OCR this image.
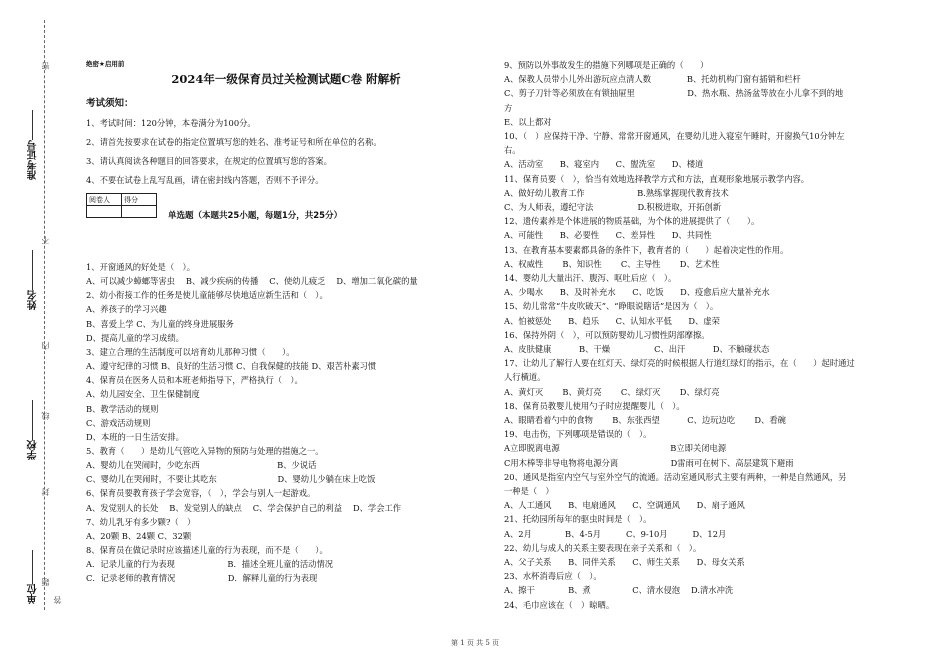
密
不
内
线
封
题
答
准考证号
姓名
学校
单位
绝密★启用前
2024年一级保育员过关检测试题C卷 附解析
考试须知：
1、考试时间：120分钟，本卷满分为100分。
2、请首先按要求在试卷的指定位置填写您的姓名、准考证号和所在单位的名称。
3、请认真阅读各种题目的回答要求，在规定的位置填写您的答案。
4、不要在试卷上乱写乱画，请在密封线内答题，否则不予评分。
阅卷人	得分

单选题（本题共25小题，每题1分，共25分）
1、开窗通风的好处是（　）。
A、可以减少蟑螂等害虫　 B、减少疾病的传播　 C、使幼儿疲乏　 D、增加二氧化碳的量
2、幼小衔接工作的任务是使儿童能够尽快地适应新生活和（　）。
A、养孩子的学习兴趣
B、喜爱上学 C、为儿童的终身进展服务
D、提高儿童的学习成绩。
3、建立合理的生活制度可以培育幼儿那种习惯（　　）。
A、遵守纪律的习惯 B、良好的生活习惯 C、自我保健的技能 D、艰苦朴素习惯
4、保育员在医务人员和本班老师指导下，严格执行（　）。
A、幼儿园安全、卫生保健制度
B、教学活动的规则
C、游戏活动规则
D、本班的一日生活安排。
5、教育（　　）是幼儿气管吃入异物的预防与处理的措施之一。
A、婴幼儿在哭闹时，少吃东西　　　　　　　　　 B、少说话
C、婴幼儿在哭闹时，不要让其吃东　　　　　　　 D、婴幼儿少躺在床上吃饭
6、保育员要教育孩子学会宽容，（　），学会与别人一起游戏。
A、发觉别人的长处　 B、发觉别人的缺点　 C、学会保护自己的利益　 D、学会工作
7、幼儿乳牙有多少颗?（　）
A、20颗 B、24颗 C、32颗
8、保育员在做记录时应该描述儿童的行为表现，而不是（　　）。
A．记录儿童的行为表现　　　　　　 B．描述全班儿童的活动情况
C．记录老师的教育情况　　　　　　 D．解释儿童的行为表现
9、预防以外事故发生的措施下列哪项是正确的（　　）
A、保教人员带小儿外出游玩应点清人数　　　　 B、托幼机构门窗有插销和栏杆
C、剪子刀针等必须放在有锁抽屉里　　　　　　 D、热水瓶、热汤盆等放在小儿拿不到的地
方
E、以上都对
10、（　）应保持干净、宁静、常常开窗通风，在婴幼儿进入寝室午睡时，开窗换气10分钟左
右。
A、活动室　　B、寝室内　　C、盥洗室　　D、楼道
11、保育员要（　），恰当有效地选择教学方式和方法，直观形象地展示教学内容。
A、做好幼儿教育工作　　　　　　 B.熟练掌握现代教育技术
C、为人师表，遵纪守法　　　　　 D.积极进取，开拓创新
12、遗传素养是个体进展的物质基础，为个体的进展提供了（　　）。
A、可能性　　B、必要性　　C、差异性　　D、共同性
13、在教育基本要素都具备的条件下，教育者的（　　）起着决定性的作用。
A、权威性　　 B、知识性　　 C、主导性　　 D、艺术性
14、婴幼儿大量出汗、腹泻、呕吐后应（　）。
A、少喝水　　B、及时补充水　　C、吃饭　　D、疫愈后应大量补充水
15、幼儿常常“牛皮吹破天”、“睁眼说瞎话”是因为（　）。
A、怕被惩处　　B、趋乐　　C、认知水平低　　D、虚荣
16、保持外阴（　），可以预防婴幼儿习惯性阴部摩擦。
A、皮肤健康　　　 B、干燥　　　　　 C、出汗　　　 D、不触碰状态
17、让幼儿了解行人要在红灯天、绿灯亮的时候根据人行道红绿灯的指示，在（　　）起时通过
人行横道。
A、黄灯灭　　 B、黄灯亮　　 C、绿灯灭　　 D、绿灯亮
18、保育员教婴儿使用勺子时应提醒婴儿（　）。
A、眼睛看着勺中的食物　　 B、东张西望　　　 C、边玩边吃　　 D、看碗
19、电击伤，下列哪项是错误的（　）。
A立即脱离电源　　　　　　　　　　　　　 B立即关闭电源
C用木棒等非导电物将电源分离　　　　　　 D雷雨可在树下、高层建筑下避雨
20、通风是指室内空气与室外空气的流通。活动室通风形式主要有两种，一种是自然通风，另
一种是（　）
A、人工通风　　B、电扇通风　　C、空调通风　　D、扇子通风
21、托幼园所每年的驱虫时间是（　）。
A、2月　　　　B、4-5月　　　C、9-10月　　　D、12月
22、幼儿与成人的关系主要表现在亲子关系和（　）。
A、父子关系　　B、同伴关系　　C、师生关系　　D、母女关系
23、水杯消毒后应（　）。
A、擦干　　　　B、煮　　　　　C、清水侵泡　 D.清水冲洗
24、毛巾应该在（　）晾晒。
第 1 页 共 5 页
